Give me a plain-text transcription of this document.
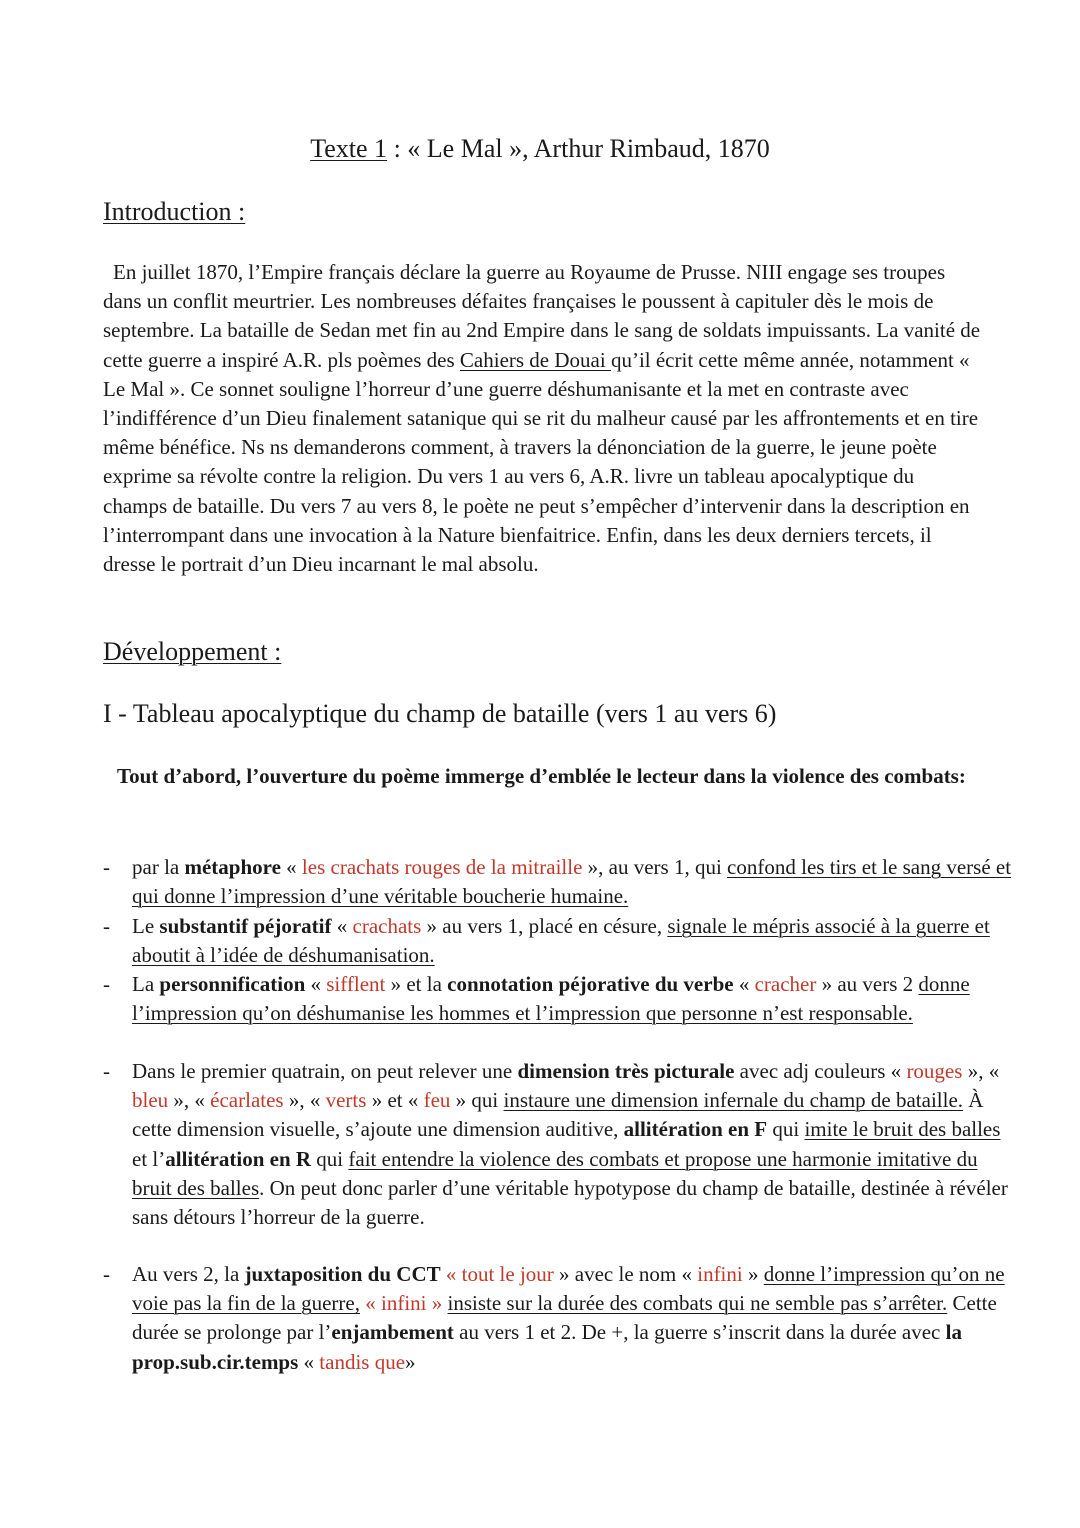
Texte 1 : « Le Mal », Arthur Rimbaud, 1870
Introduction :

En juillet 1870, l’Empire français déclare la guerre au Royaume de Prusse. NIII engage ses troupes dans un conflit meurtrier. Les nombreuses défaites françaises le poussent à capituler dès le mois de septembre. La bataille de Sedan met fin au 2nd Empire dans le sang de soldats impuissants. La vanité de cette guerre a inspiré A.R. pls poèmes des Cahiers de Douai qu’il écrit cette même année, notamment « Le Mal ». Ce sonnet souligne l’horreur d’une guerre déshumanisante et la met en contraste avec l’indifférence d’un Dieu finalement satanique qui se rit du malheur causé par les affrontements et en tire même bénéfice. Ns ns demanderons comment, à travers la dénonciation de la guerre, le jeune poète exprime sa révolte contre la religion. Du vers 1 au vers 6, A.R. livre un tableau apocalyptique du champs de bataille. Du vers 7 au vers 8, le poète ne peut s’empêcher d’intervenir dans la description en l’interrompant dans une invocation à la Nature bienfaitrice. Enfin, dans les deux derniers tercets, il dresse le portrait d’un Dieu incarnant le mal absolu.

Développement :
I - Tableau apocalyptique du champ de bataille (vers 1 au vers 6)

Tout d’abord, l’ouverture du poème immerge d’emblée le lecteur dans la violence des combats:

- par la métaphore « les crachats rouges de la mitraille », au vers 1, qui confond les tirs et le sang versé et qui donne l’impression d’une véritable boucherie humaine.

- Le substantif péjoratif « crachats » au vers 1, placé en césure, signale le mépris associé à la guerre et aboutit à l’idée de déshumanisation.

- La personnification « sifflent » et la connotation péjorative du verbe « cracher » au vers 2 donne l’impression qu’on déshumanise les hommes et l’impression que personne n’est responsable.

- Dans le premier quatrain, on peut relever une dimension très picturale avec adj couleurs « rouges », « bleu », « écarlates », « verts » et « feu » qui instaure une dimension infernale du champ de bataille. À cette dimension visuelle, s’ajoute une dimension auditive, allitération en F qui imite le bruit des balles et l’allitération en R qui fait entendre la violence des combats et propose une harmonie imitative du bruit des balles. On peut donc parler d’une véritable hypotypose du champ de bataille, destinée à révéler sans détours l’horreur de la guerre.

- Au vers 2, la juxtaposition du CCT « tout le jour » avec le nom « infini » donne l’impression qu’on ne voie pas la fin de la guerre, « infini » insiste sur la durée des combats qui ne semble pas s’arrêter. Cette durée se prolonge par l’enjambement au vers 1 et 2. De +, la guerre s’inscrit dans la durée avec la prop.sub.cir.temps « tandis que»
